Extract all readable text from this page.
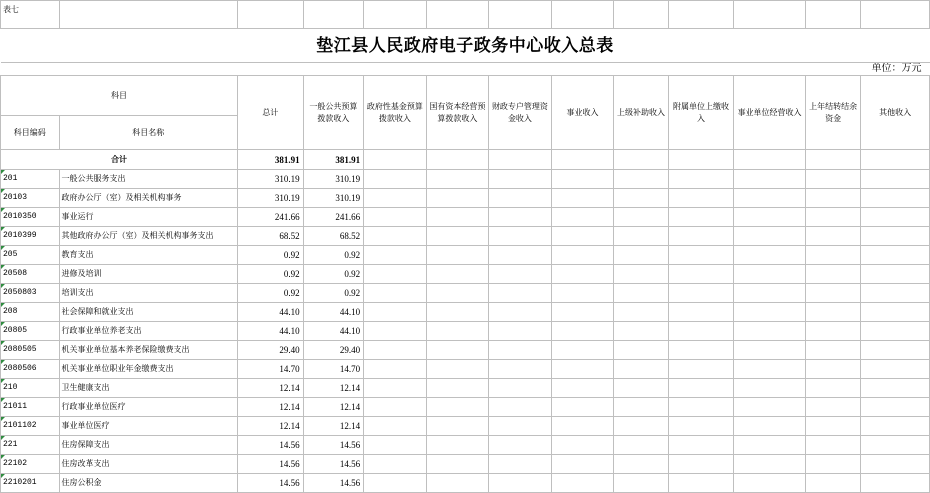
表七												
垫江县人民政府电子政务中心收入总表												
单位：万元												
科目		总计	一般公共预算拨款收入	政府性基金预算拨款收入	国有资本经营预算拨款收入	财政专户管理资金收入	事业收入	上级补助收入	附属单位上缴收入	事业单位经营收入	上年结转结余资金	其他收入
科目编码	科目名称											
合计		381.91	381.91									
201	一般公共服务支出	310.19	310.19									
20103	政府办公厅（室）及相关机构事务	310.19	310.19									
2010350	事业运行	241.66	241.66									
2010399	其他政府办公厅（室）及相关机构事务支出	68.52	68.52									
205	教育支出	0.92	0.92									
20508	进修及培训	0.92	0.92									
2050803	培训支出	0.92	0.92									
208	社会保障和就业支出	44.10	44.10									
20805	行政事业单位养老支出	44.10	44.10									
2080505	机关事业单位基本养老保险缴费支出	29.40	29.40									
2080506	机关事业单位职业年金缴费支出	14.70	14.70									
210	卫生健康支出	12.14	12.14									
21011	行政事业单位医疗	12.14	12.14									
2101102	事业单位医疗	12.14	12.14									
221	住房保障支出	14.56	14.56									
22102	住房改革支出	14.56	14.56									
2210201	住房公积金	14.56	14.56									
